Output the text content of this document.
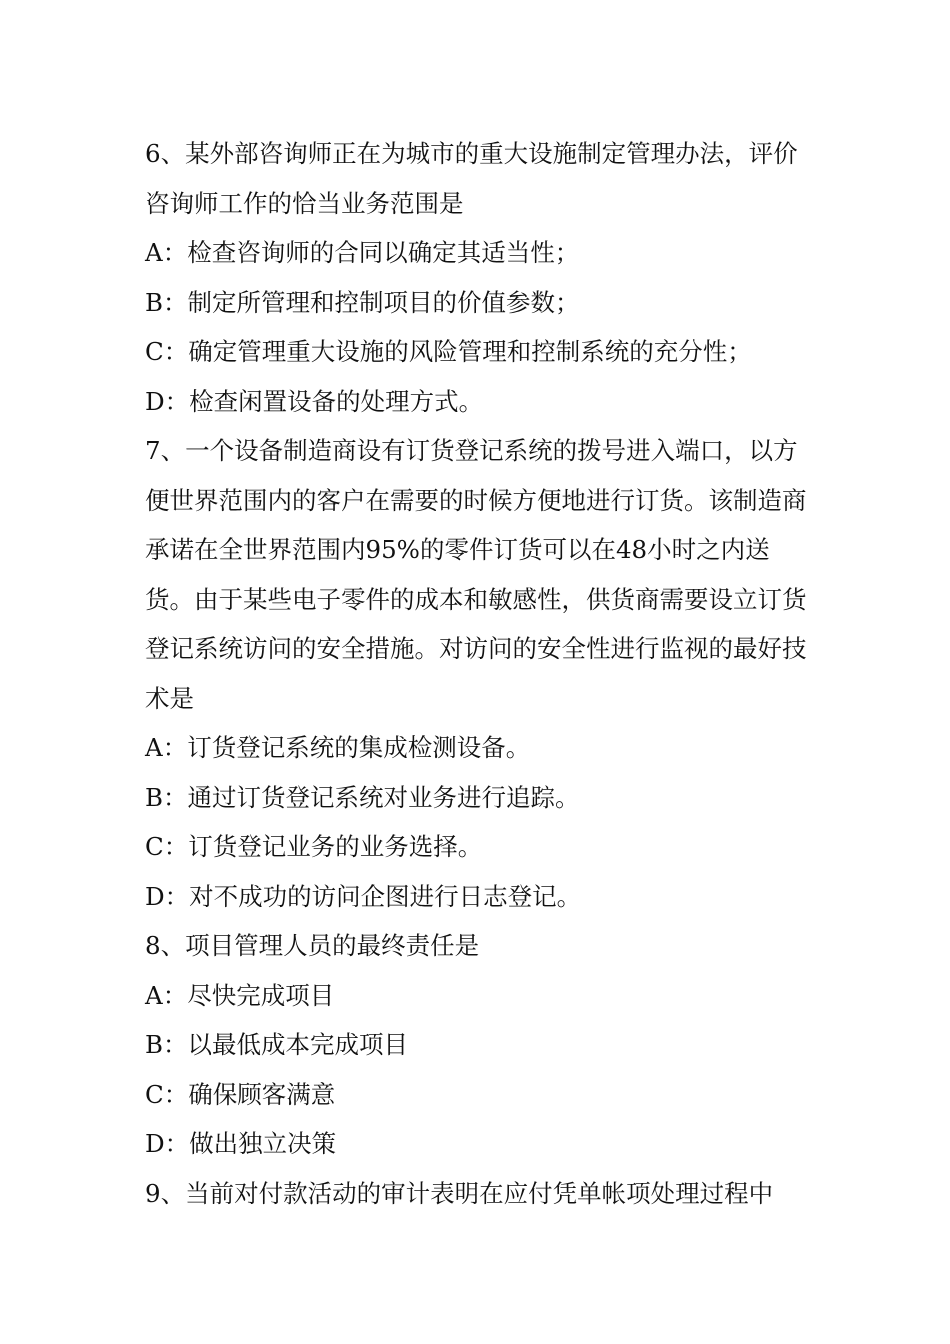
6、某外部咨询师正在为城市的重大设施制定管理办法，评价咨询师工作的恰当业务范围是

A：检查咨询师的合同以确定其适当性；

B：制定所管理和控制项目的价值参数；

C：确定管理重大设施的风险管理和控制系统的充分性；

D：检查闲置设备的处理方式。

7、一个设备制造商设有订货登记系统的拨号进入端口，以方便世界范围内的客户在需要的时候方便地进行订货。该制造商承诺在全世界范围内95%的零件订货可以在48小时之内送货。由于某些电子零件的成本和敏感性，供货商需要设立订货登记系统访问的安全措施。对访问的安全性进行监视的最好技术是

A：订货登记系统的集成检测设备。

B：通过订货登记系统对业务进行追踪。

C：订货登记业务的业务选择。

D：对不成功的访问企图进行日志登记。

8、项目管理人员的最终责任是

A：尽快完成项目

B：以最低成本完成项目

C：确保顾客满意

D：做出独立决策

9、当前对付款活动的审计表明在应付凭单帐项处理过程中
